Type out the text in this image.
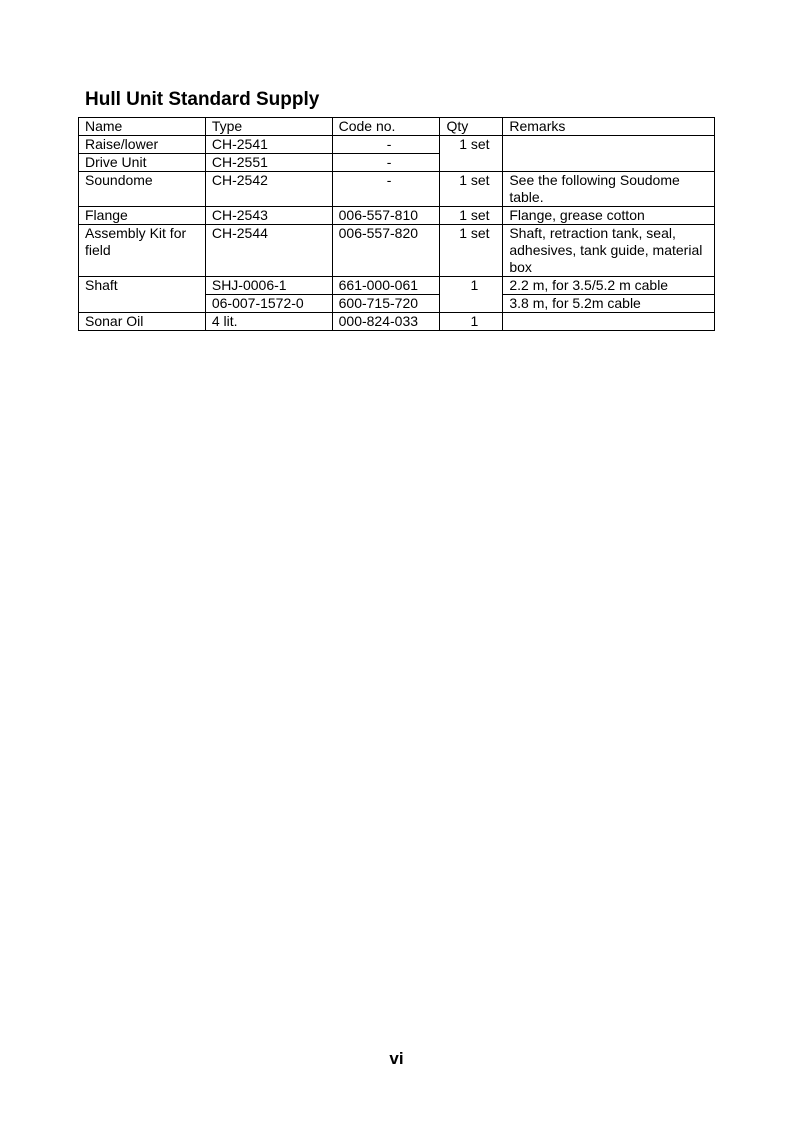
Hull Unit Standard Supply
Name	Type	Code no.	Qty	Remarks
Raise/lower	CH-2541	-	1 set	
Drive Unit	CH-2551	-		
Soundome	CH-2542	-	1 set	See the following Soudome table.
Flange	CH-2543	006-557-810	1 set	Flange, grease cotton
Assembly Kit for field	CH-2544	006-557-820	1 set	Shaft, retraction tank, seal, adhesives, tank guide, material box
Shaft	SHJ-0006-1	661-000-061	1	2.2 m, for 3.5/5.2 m cable
	06-007-1572-0	600-715-720		3.8 m, for 5.2m cable
Sonar Oil	4 lit.	000-824-033	1	
vi
